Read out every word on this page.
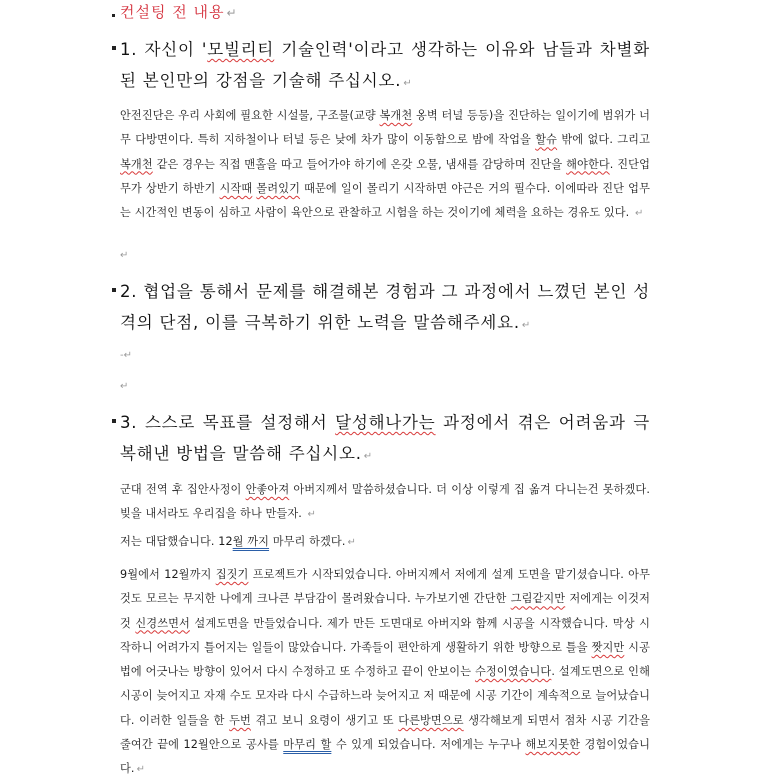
컨설팅 전 내용 ↵
1. 자신이 '모빌리티 기술인력'이라고 생각하는 이유와 남들과 차별화된 본인만의 강점을 기술해 주십시오. ↵
안전진단은 우리 사회에 필요한 시설물, 구조물(교량 복개천 옹벽 터널 등등)을 진단하는 일이기에 범위가 너무 다방면이다. 특히 지하철이나 터널 등은 낮에 차가 많이 이동함으로 밤에 작업을 할슈 밖에 없다. 그리고 복개천 같은 경우는 직접 맨홀을 따고 들어가야 하기에 온갖 오물, 냄새를 감당하며 진단을 해야한다. 진단업무가 상반기 하반기 시작때 몰려있기 때문에 일이 몰리기 시작하면 야근은 거의 필수다. 이에따라 진단 업무는 시간적인 변동이 심하고 사람이 육안으로 관찰하고 시험을 하는 것이기에 체력을 요하는 경유도 있다. ↵
↵
2. 협업을 통해서 문제를 해결해본 경험과 그 과정에서 느꼈던 본인 성격의 단점, 이를 극복하기 위한 노력을 말씀해주세요. ↵
-↵
↵
3. 스스로 목표를 설정해서 달성해나가는 과정에서 겪은 어려움과 극복해낸 방법을 말씀해 주십시오. ↵
군대 전역 후 집안사정이 안좋아져 아버지께서 말씀하셨습니다. 더 이상 이렇게 집 옮겨 다니는건 못하겠다. 빚을 내서라도 우리집을 하나 만들자. ↵
저는 대답했습니다. 12월 까지 마무리 하겠다. ↵
9월에서 12월까지 집짓기 프로젝트가 시작되었습니다. 아버지께서 저에게 설계 도면을 맡기셨습니다. 아무것도 모르는 무지한 나에게 크나큰 부담감이 몰려왔습니다. 누가보기엔 간단한 그림같지만 저에게는 이것저것 신경쓰면서 설계도면을 만들었습니다. 제가 만든 도면대로 아버지와 함께 시공을 시작했습니다. 막상 시작하니 어려가지 틀어지는 일들이 많았습니다. 가족들이 편안하게 생활하기 위한 방향으로 틀을 짯지만 시공법에 어긋나는 방향이 있어서 다시 수정하고 또 수정하고 끝이 안보이는 수정이였습니다. 설계도면으로 인해 시공이 늦어지고 자재 수도 모자라 다시 수급하느라 늦어지고 저 때문에 시공 기간이 계속적으로 늘어났습니다. 이러한 일들을 한 두번 겪고 보니 요령이 생기고 또 다른방면으로 생각해보게 되면서 점차 시공 기간을 줄여간 끝에 12월안으로 공사를 마무리 할 수 있게 되었습니다. 저에게는 누구나 해보지못한 경험이었습니다. ↵
